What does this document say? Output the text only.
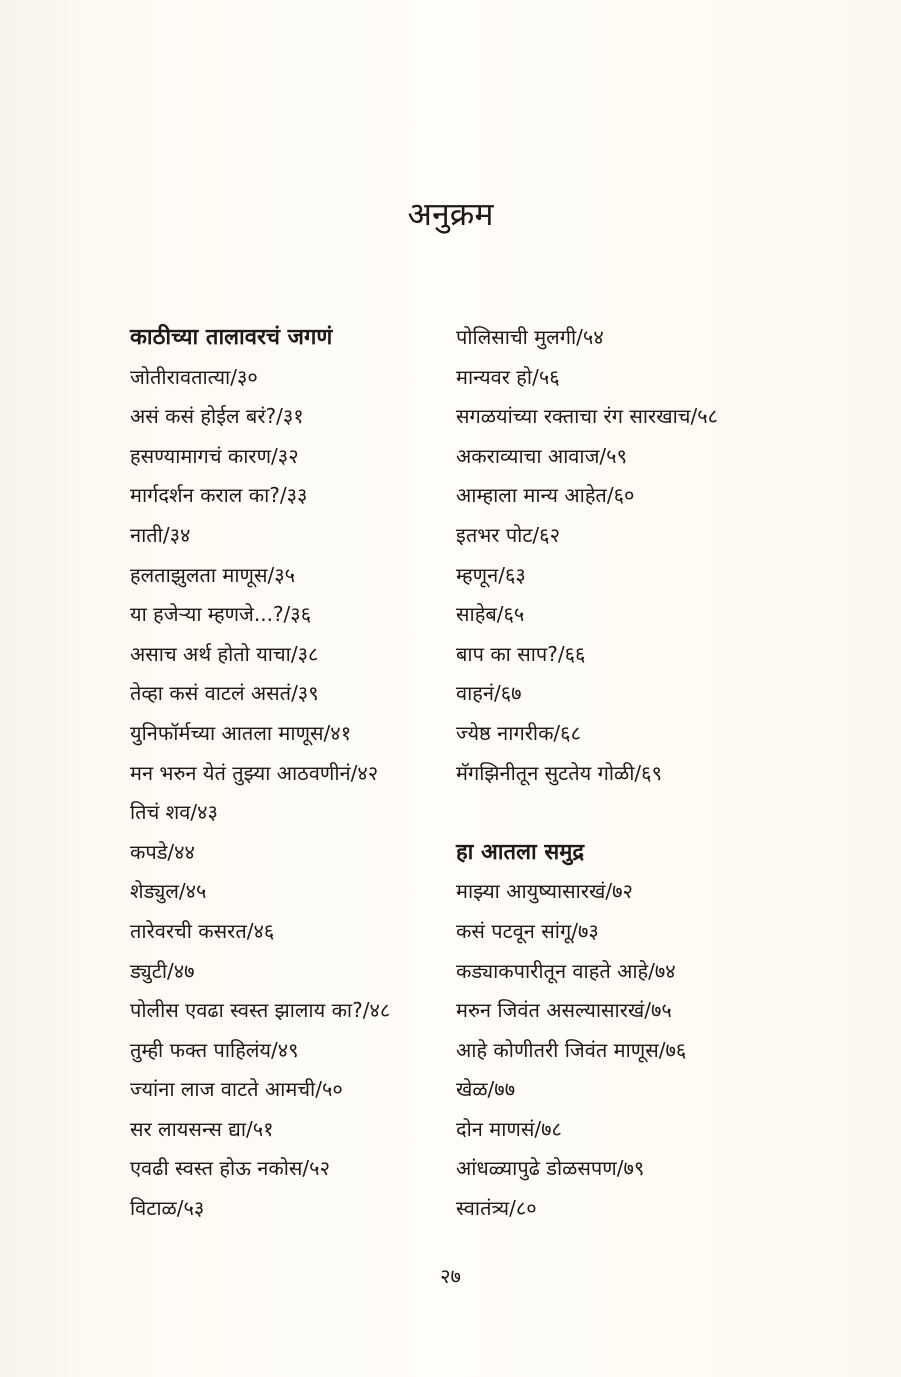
अनुक्रम
काठीच्या तालावरचं जगणं
जोतीरावतात्या/३०
असं कसं होईल बरं?/३१
हसण्यामागचं कारण/३२
मार्गदर्शन कराल का?/३३
नाती/३४
हलताझुलता माणूस/३५
या हजेऱ्या म्हणजे...?/३६
असाच अर्थ होतो याचा/३८
तेव्हा कसं वाटलं असतं/३९
युनिफॉर्मच्या आतला माणूस/४१
मन भरुन येतं तुझ्या आठवणीनं/४२
तिचं शव/४३
कपडे/४४
शेड्युल/४५
तारेवरची कसरत/४६
ड्युटी/४७
पोलीस एवढा स्वस्त झालाय का?/४८
तुम्ही फक्त पाहिलंय/४९
ज्यांना लाज वाटते आमची/५०
सर लायसन्स द्या/५१
एवढी स्वस्त होऊ नकोस/५२
विटाळ/५३
पोलिसाची मुलगी/५४
मान्यवर हो/५६
सगळयांच्या रक्ताचा रंग सारखाच/५८
अकराव्याचा आवाज/५९
आम्हाला मान्य आहेत/६०
इतभर पोट/६२
म्हणून/६३
साहेब/६५
बाप का साप?/६६
वाहनं/६७
ज्येष्ठ नागरीक/६८
मॅगझिनीतून सुटतेय गोळी/६९
हा आतला समुद्र
माझ्या आयुष्यासारखं/७२
कसं पटवून सांगू/७३
कड्याकपारीतून वाहते आहे/७४
मरुन जिवंत असल्यासारखं/७५
आहे कोणीतरी जिवंत माणूस/७६
खेळ/७७
दोन माणसं/७८
आंधळ्यापुढे डोळसपण/७९
स्वातंत्र्य/८०
२७
